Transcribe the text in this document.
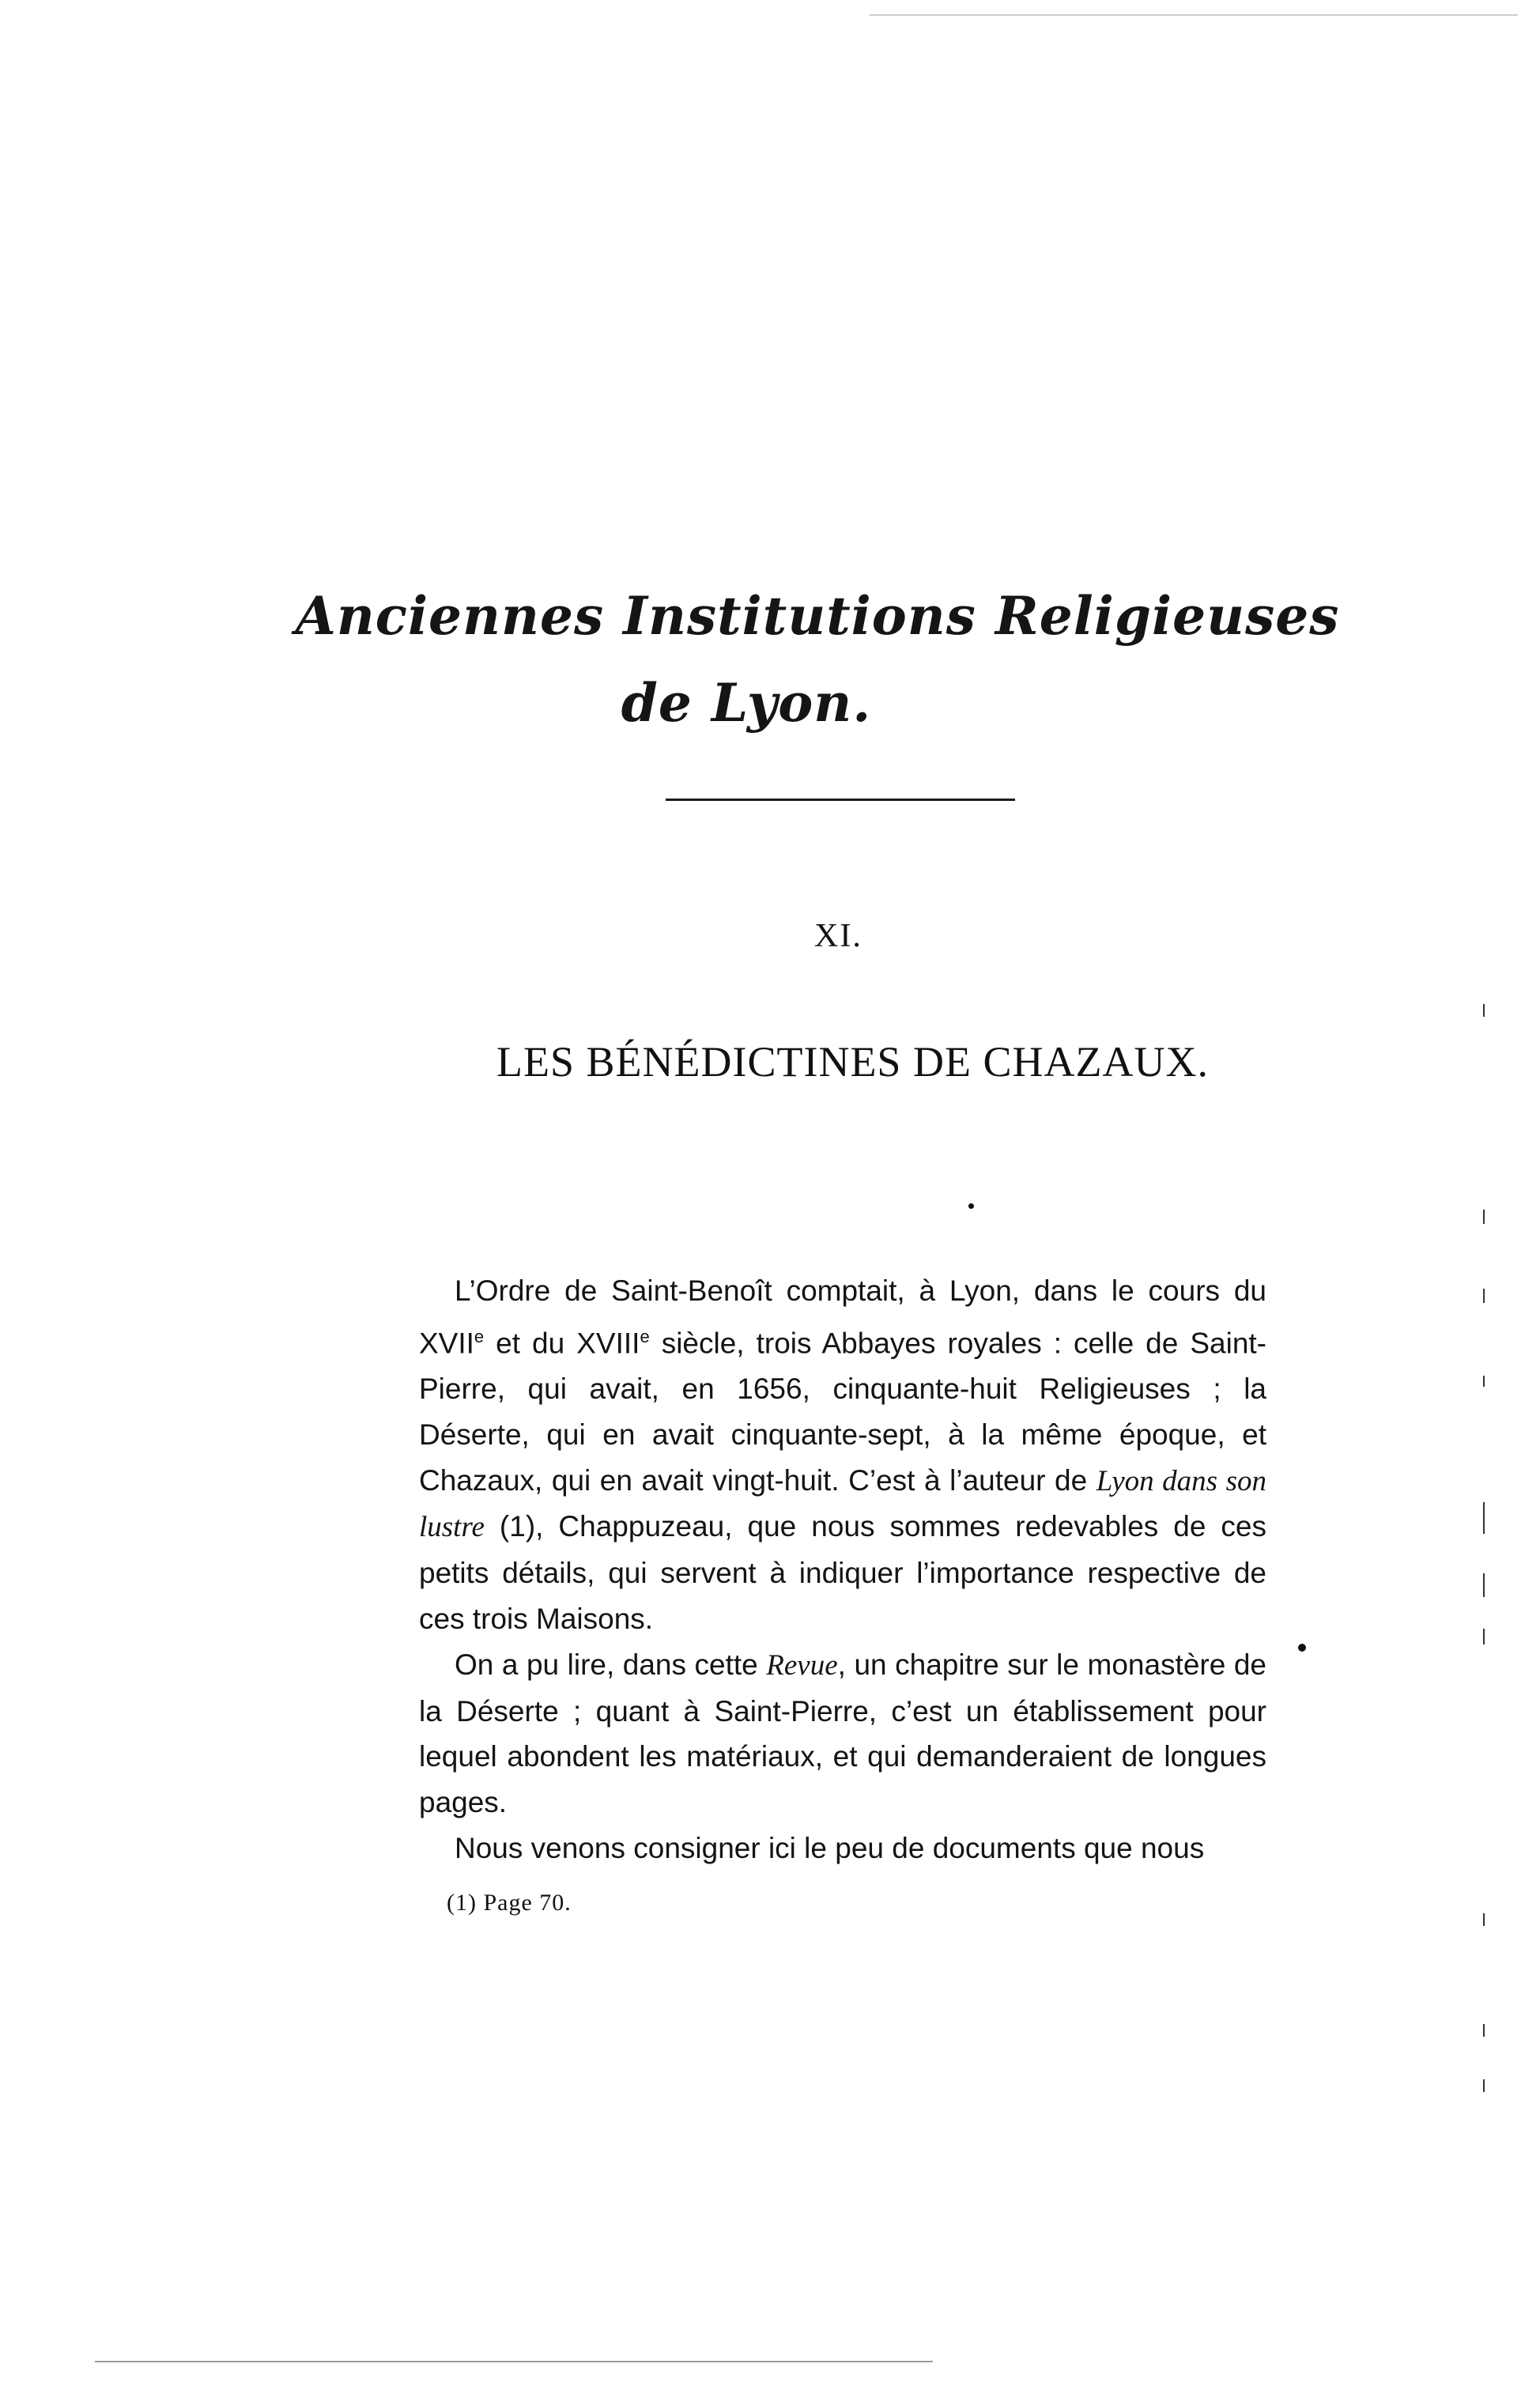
Anciennes Institutions Religieuses
de Lyon.
XI.
LES BÉNÉDICTINES DE CHAZAUX.

L’Ordre de Saint-Benoît comptait, à Lyon, dans le cours du XVIIe et du XVIIIe siècle, trois Abbayes royales : celle de Saint-Pierre, qui avait, en 1656, cinquante-huit Religieuses ; la Déserte, qui en avait cinquante-sept, à la même époque, et Chazaux, qui en avait vingt-huit. C’est à l’auteur de Lyon dans son lustre (1), Chappuzeau, que nous sommes redevables de ces petits détails, qui servent à indiquer l’importance respective de ces trois Maisons.

On a pu lire, dans cette Revue, un chapitre sur le monastère de la Déserte ; quant à Saint-Pierre, c’est un établissement pour lequel abondent les matériaux, et qui demanderaient de longues pages.

Nous venons consigner ici le peu de documents que nous

(1) Page 70.
